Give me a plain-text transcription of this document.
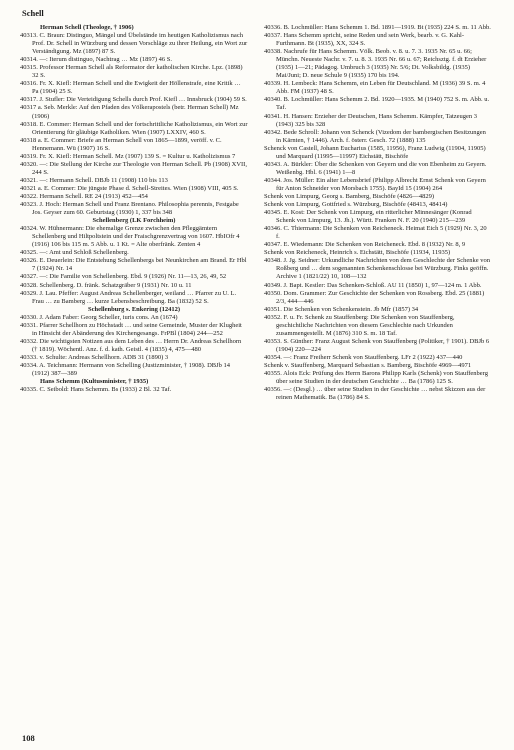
Schell

Herman Schell (Theologe, † 1906)

40313. C. Braun: Distinguo, Mängel und Übelstände im heutigen Katholizismus nach Prof. Dr. Schell in Würzburg und dessen Vorschläge zu ihrer Heilung, ein Wort zur Verständigung. Mz (1897) 87 S.

40314. —: Iterum distinguo, Nachtrag … Mz (1897) 46 S.

40315. Professor Herman Schell als Reformator der katholischen Kirche. Lpz. (1898) 32 S.

40316. Fr. X. Kiefl: Herman Schell und die Ewigkeit der Höllenstrafe, eine Kritik … Pa (1904) 25 S.

40317. J. Stufler: Die Verteidigung Schells durch Prof. Kiefl … Innsbruck (1904) 59 S.

40317 a. Seb. Merkle: Auf den Pfaden des Völkerapostels (betr. Herman Schell) Mz (1906)

40318. E. Commer: Herman Schell und der fortschrittliche Katholizismus, ein Wort zur Orientierung für gläubige Katholiken. Wien (1907) LXXIV, 460 S.

40318 a. E. Commer: Briefe an Herman Schell von 1865—1899, veröff. v. C. Hennemann. Wü (1907) 16 S.

40319. Fr. X. Kiefl: Herman Schell. Mz (1907) 139 S. = Kultur u. Katholizismus 7

40320. —: Die Stellung der Kirche zur Theologie von Herman Schell. Pb (1908) XVII, 244 S.

40321. —: Hermann Schell. DBJb 11 (1908) 110 bis 113

40321 a. E. Commer: Die jüngste Phase d. Schell-Streites. Wien (1908) VIII, 405 S.

40322. Hermann Schell. RE 24 (1913) 452—454

40323. J. Hoch: Herman Schell und Franz Brentano. Philosophia perennis, Festgabe Jos. Geyser zum 60. Geburtstag (1930) 1, 337 bis 348

Schellenberg (LK Forchheim)

40324. W. Hühnermann: Die ehemalige Grenze zwischen den Pfleggämtern Schellenberg und Hiltpoltstein und der Fraischgrenzvertrag von 1607. HbIOfr 4 (1916) 106 bis 115 m. 5 Abb. u. 1 Kt. = Alte oberfränk. Zenten 4

40325. —: Amt und Schloß Schellenberg.

40326. E. Deuerlein: Die Entstehung Schellenbergs bei Neunkirchen am Brand. Er Hbl 7 (1924) Nr. 14

40327. —: Die Familie von Schellenberg. Ebd. 9 (1926) Nr. 11—13, 26, 49, 52

40328. Schellenberg. D. fränk. Schatzgräber 9 (1931) Nr. 10 u. 11

40329. J. Lau. Pfeffer: August Andreas Schellenberger, weiland … Pfarrer zu U. L. Frau … zu Bamberg … kurze Lebensbeschreibung. Ba (1832) 52 S.

Schellenburg s. Enkering (12412)

40330. J. Adam Faber: Georg Scheller, iuris cons. An (1674)

40331. Pfarrer Schellhorn zu Höchstadt … und seine Gemeinde, Muster der Klugheit in Hinsicht der Abänderung des Kirchengesangs. FrPBl (1804) 244—252

40332. Die wichtigsten Notizen aus dem Leben des … Herrn Dr. Andreas Schellhorn († 1819). Wöchentl. Anz. f. d. kath. Geistl. 4 (1835) 4, 475—480

40333. v. Schulte: Andreas Schellhorn. ADB 31 (1890) 3

40334. A. Teichmann: Hermann von Schelling (Justizminister, † 1908). DBJb 14 (1912) 387—389

Hans Schemm (Kultusminister, † 1935)

40335. C. Seibold: Hans Schemm. Bs (1933) 2 Bl. 32 Taf.

40336. B. Lochmüller: Hans Schemm 1. Bd. 1891—1919. Bt (1935) 224 S. m. 11 Abb.

40337. Hans Schemm spricht, seine Reden und sein Werk, bearb. v. G. Kahl-Furthmann. Bt (1935), XX, 324 S.

40338. Nachrufe für Hans Schemm. Völk. Beob. v. 8. u. 7. 3. 1935 Nr. 65 u. 66; Münchn. Neueste Nachr. v. 7. u. 8. 3. 1935 Nr. 66 u. 67; Reichsztg. f. dt Erzieher (1935) 1—21; Pädagog. Umbruch 3 (1935) Nr. 5/6; Dt. Volksbildg. (1935) Mai/Juni; D. neue Schule 9 (1935) 170 bis 194.

40339. H. Lembeck: Hans Schemm, ein Leben für Deutschland. M (1936) 39 S. m. 4 Abb. FM (1937) 48 S.

40340. B. Lochmüller: Hans Schemm 2. Bd. 1920—1935. M (1940) 752 S. m. Abb. u. Taf.

40341. H. Hansen: Erzieher der Deutschen, Hans Schemm. Kämpfer, Tatzeugen 3 (1943) 325 bis 328

40342. Bede Schroll: Johann von Schenck (Vizedom der bambergischen Besitzungen in Kärnten, † 1446). Arch. f. österr. Gesch. 72 (1888) 135

Schenck von Castell, Johann Eucharius (1585, 11956), Franz Ludwig (11904, 11905) und Marquard (11995—11997) Eichstätt, Bischöfe

40343. A. Bürkler: Über die Schenken von Geyern und die von Ebenheim zu Geyern. Weißenbg. Hbl. 6 (1941) 1—8

40344. Jos. Müller: Ein alter Lebensbrief (Philipp Albrecht Ernst Schenk von Geyern für Anton Schneider von Morsbach 1755). BayId 15 (1904) 264

Schenk von Limpurg, Georg s. Bamberg, Bischöfe (4826—4829)

Schenk von Limpurg, Gottfried s. Würzburg, Bischöfe (48413, 48414)

40345. E. Kost: Der Schenk von Limpurg, ein ritterlicher Minnesänger (Konrad Schenk von Limpurg, 13. Jh.). Württ. Franken N. F. 20 (1940) 215—239

40346. C. Thiermann: Die Schenken von Reicheneck. Heimat Eich 5 (1929) Nr. 3, 20 f.

40347. E. Wiedemann: Die Schenken von Reicheneck. Ebd. 8 (1932) Nr. 8, 9

Schenk von Reicheneck, Heinrich s. Eichstätt, Bischöfe (11934, 11935)

40348. J. Jg. Seidner: Urkundliche Nachrichten von dem Geschlechte der Schenke von Roßberg und … dem sogenannten Schenkenschlosse bei Würzburg. Finks geöffn. Archive 1 (1821/22) 10, 108—132

40349. J. Bapt. Kestler: Das Schenken-Schloß. AU 11 (1850) 1, 97—124 m. 1 Abb.

40350. Dom. Grammer: Zur Geschichte der Schenken von Rossberg. Ebd. 25 (1881) 2/3, 444—446

40351. Die Schenken von Schenkenstein. Jb Mfr (1857) 34

40352. F. u. Fr. Schenk zu Stauffenberg: Die Schenken von Stauffenberg, geschichtliche Nachrichten von diesem Geschlechte nach Urkunden zusammengestellt. M (1876) 310 S. m. 18 Taf.

40353. S. Günther: Franz August Schenk von Stauffenberg (Politiker, † 1901). DBJb 6 (1904) 220—224

40354. —: Franz Freiherr Schenk von Stauffenberg. LFr 2 (1922) 437—440

Schenk v. Stauffenberg, Marquard Sebastian s. Bamberg, Bischöfe 4969—4971

40355. Alois Eck: Prüfung des Herrn Barons Philipp Karls (Schenk) von Stauffenberg über seine Studien in der deutschen Geschichte … Ba (1786) 125 S.

40356. —: (Desgl.) … über seine Studien in der Geschichte … nebst Skizzen aus der reinen Mathematik. Ba (1786) 84 S.

108
